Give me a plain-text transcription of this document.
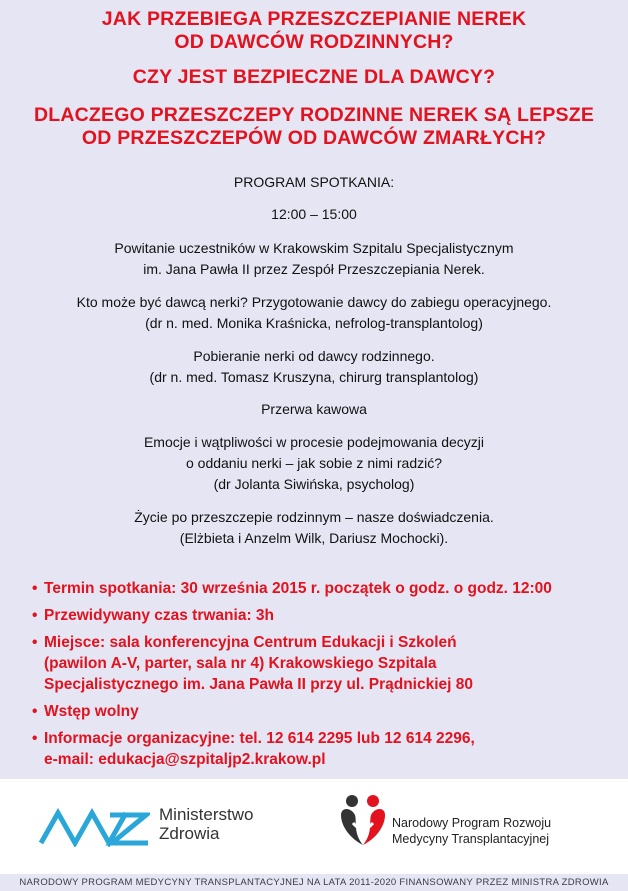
JAK PRZEBIEGA PRZESZCZEPIANIE NEREK
OD DAWCÓW RODZINNYCH?
CZY JEST BEZPIECZNE DLA DAWCY?
DLACZEGO PRZESZCZEPY RODZINNE NEREK SĄ LEPSZE
OD PRZESZCZEPÓW OD DAWCÓW ZMARŁYCH?
PROGRAM SPOTKANIA:
12:00 – 15:00
Powitanie uczestników w Krakowskim Szpitalu Specjalistycznym
im. Jana Pawła II przez Zespół Przeszczepiania Nerek.
Kto może być dawcą nerki? Przygotowanie dawcy do zabiegu operacyjnego.
(dr n. med. Monika Kraśnicka, nefrolog-transplantolog)
Pobieranie nerki od dawcy rodzinnego.
(dr n. med. Tomasz Kruszyna, chirurg transplantolog)
Przerwa kawowa
Emocje i wątpliwości w procesie podejmowania decyzji
o oddaniu nerki – jak sobie z nimi radzić?
(dr Jolanta Siwińska, psycholog)
Życie po przeszczepie rodzinnym – nasze doświadczenia.
(Elżbieta i Anzelm Wilk, Dariusz Mochocki).
• Termin spotkania: 30 września 2015 r. początek o godz. o godz. 12:00
• Przewidywany czas trwania: 3h
• Miejsce: sala konferencyjna Centrum Edukacji i Szkoleń
(pawilon A-V, parter, sala nr 4) Krakowskiego Szpitala
Specjalistycznego im. Jana Pawła II przy ul. Prądnickiej 80
• Wstęp wolny
• Informacje organizacyjne: tel. 12 614 2295 lub 12 614 2296,
e-mail: edukacja@szpitaljp2.krakow.pl
Ministerstwo
Zdrowia
Narodowy Program Rozwoju
Medycyny Transplantacyjnej
NARODOWY PROGRAM MEDYCYNY TRANSPLANTACYJNEJ NA LATA 2011-2020 FINANSOWANY PRZEZ MINISTRA ZDROWIA
